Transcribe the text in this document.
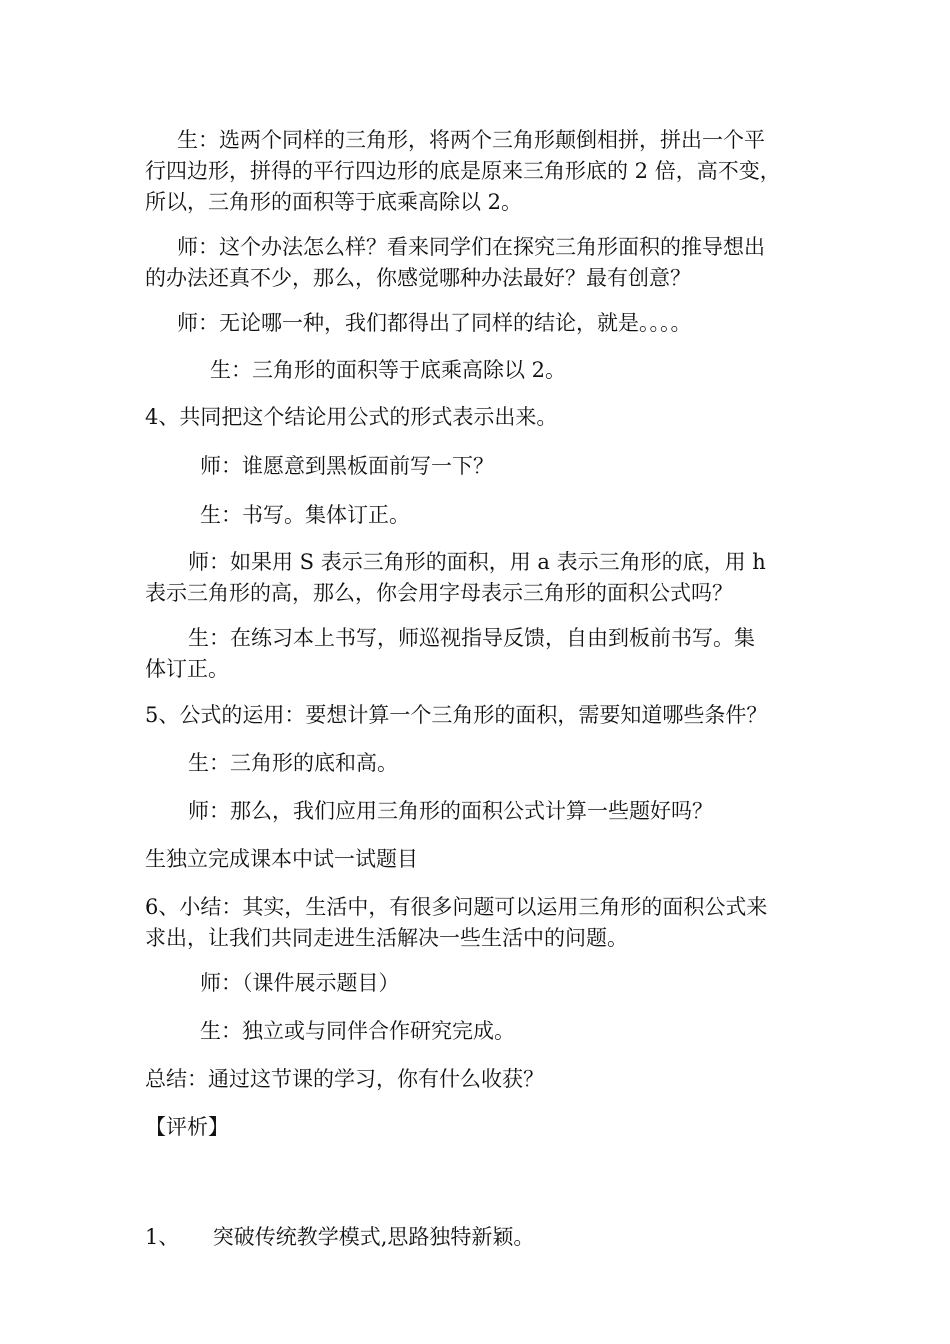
生：选两个同样的三角形，将两个三角形颠倒相拼，拼出一个平
行四边形，拼得的平行四边形的底是原来三角形底的 2 倍，高不变，
所以，三角形的面积等于底乘高除以 2。

师：这个办法怎么样？看来同学们在探究三角形面积的推导想出
的办法还真不少，那么，你感觉哪种办法最好？最有创意？

师：无论哪一种，我们都得出了同样的结论，就是。。。。

生：三角形的面积等于底乘高除以 2。

4、共同把这个结论用公式的形式表示出来。

师：谁愿意到黑板面前写一下？

生：书写。集体订正。

师：如果用 S 表示三角形的面积，用 a 表示三角形的底，用 h
表示三角形的高，那么，你会用字母表示三角形的面积公式吗？

生：在练习本上书写，师巡视指导反馈，自由到板前书写。集
体订正。

5、公式的运用：要想计算一个三角形的面积，需要知道哪些条件？

生：三角形的底和高。

师：那么，我们应用三角形的面积公式计算一些题好吗？

生独立完成课本中试一试题目

6、小结：其实，生活中，有很多问题可以运用三角形的面积公式来
求出，让我们共同走进生活解决一些生活中的问题。

师：（课件展示题目）

生：独立或与同伴合作研究完成。

总结：通过这节课的学习，你有什么收获？

【评析】

1、     突破传统教学模式,思路独特新颖。
